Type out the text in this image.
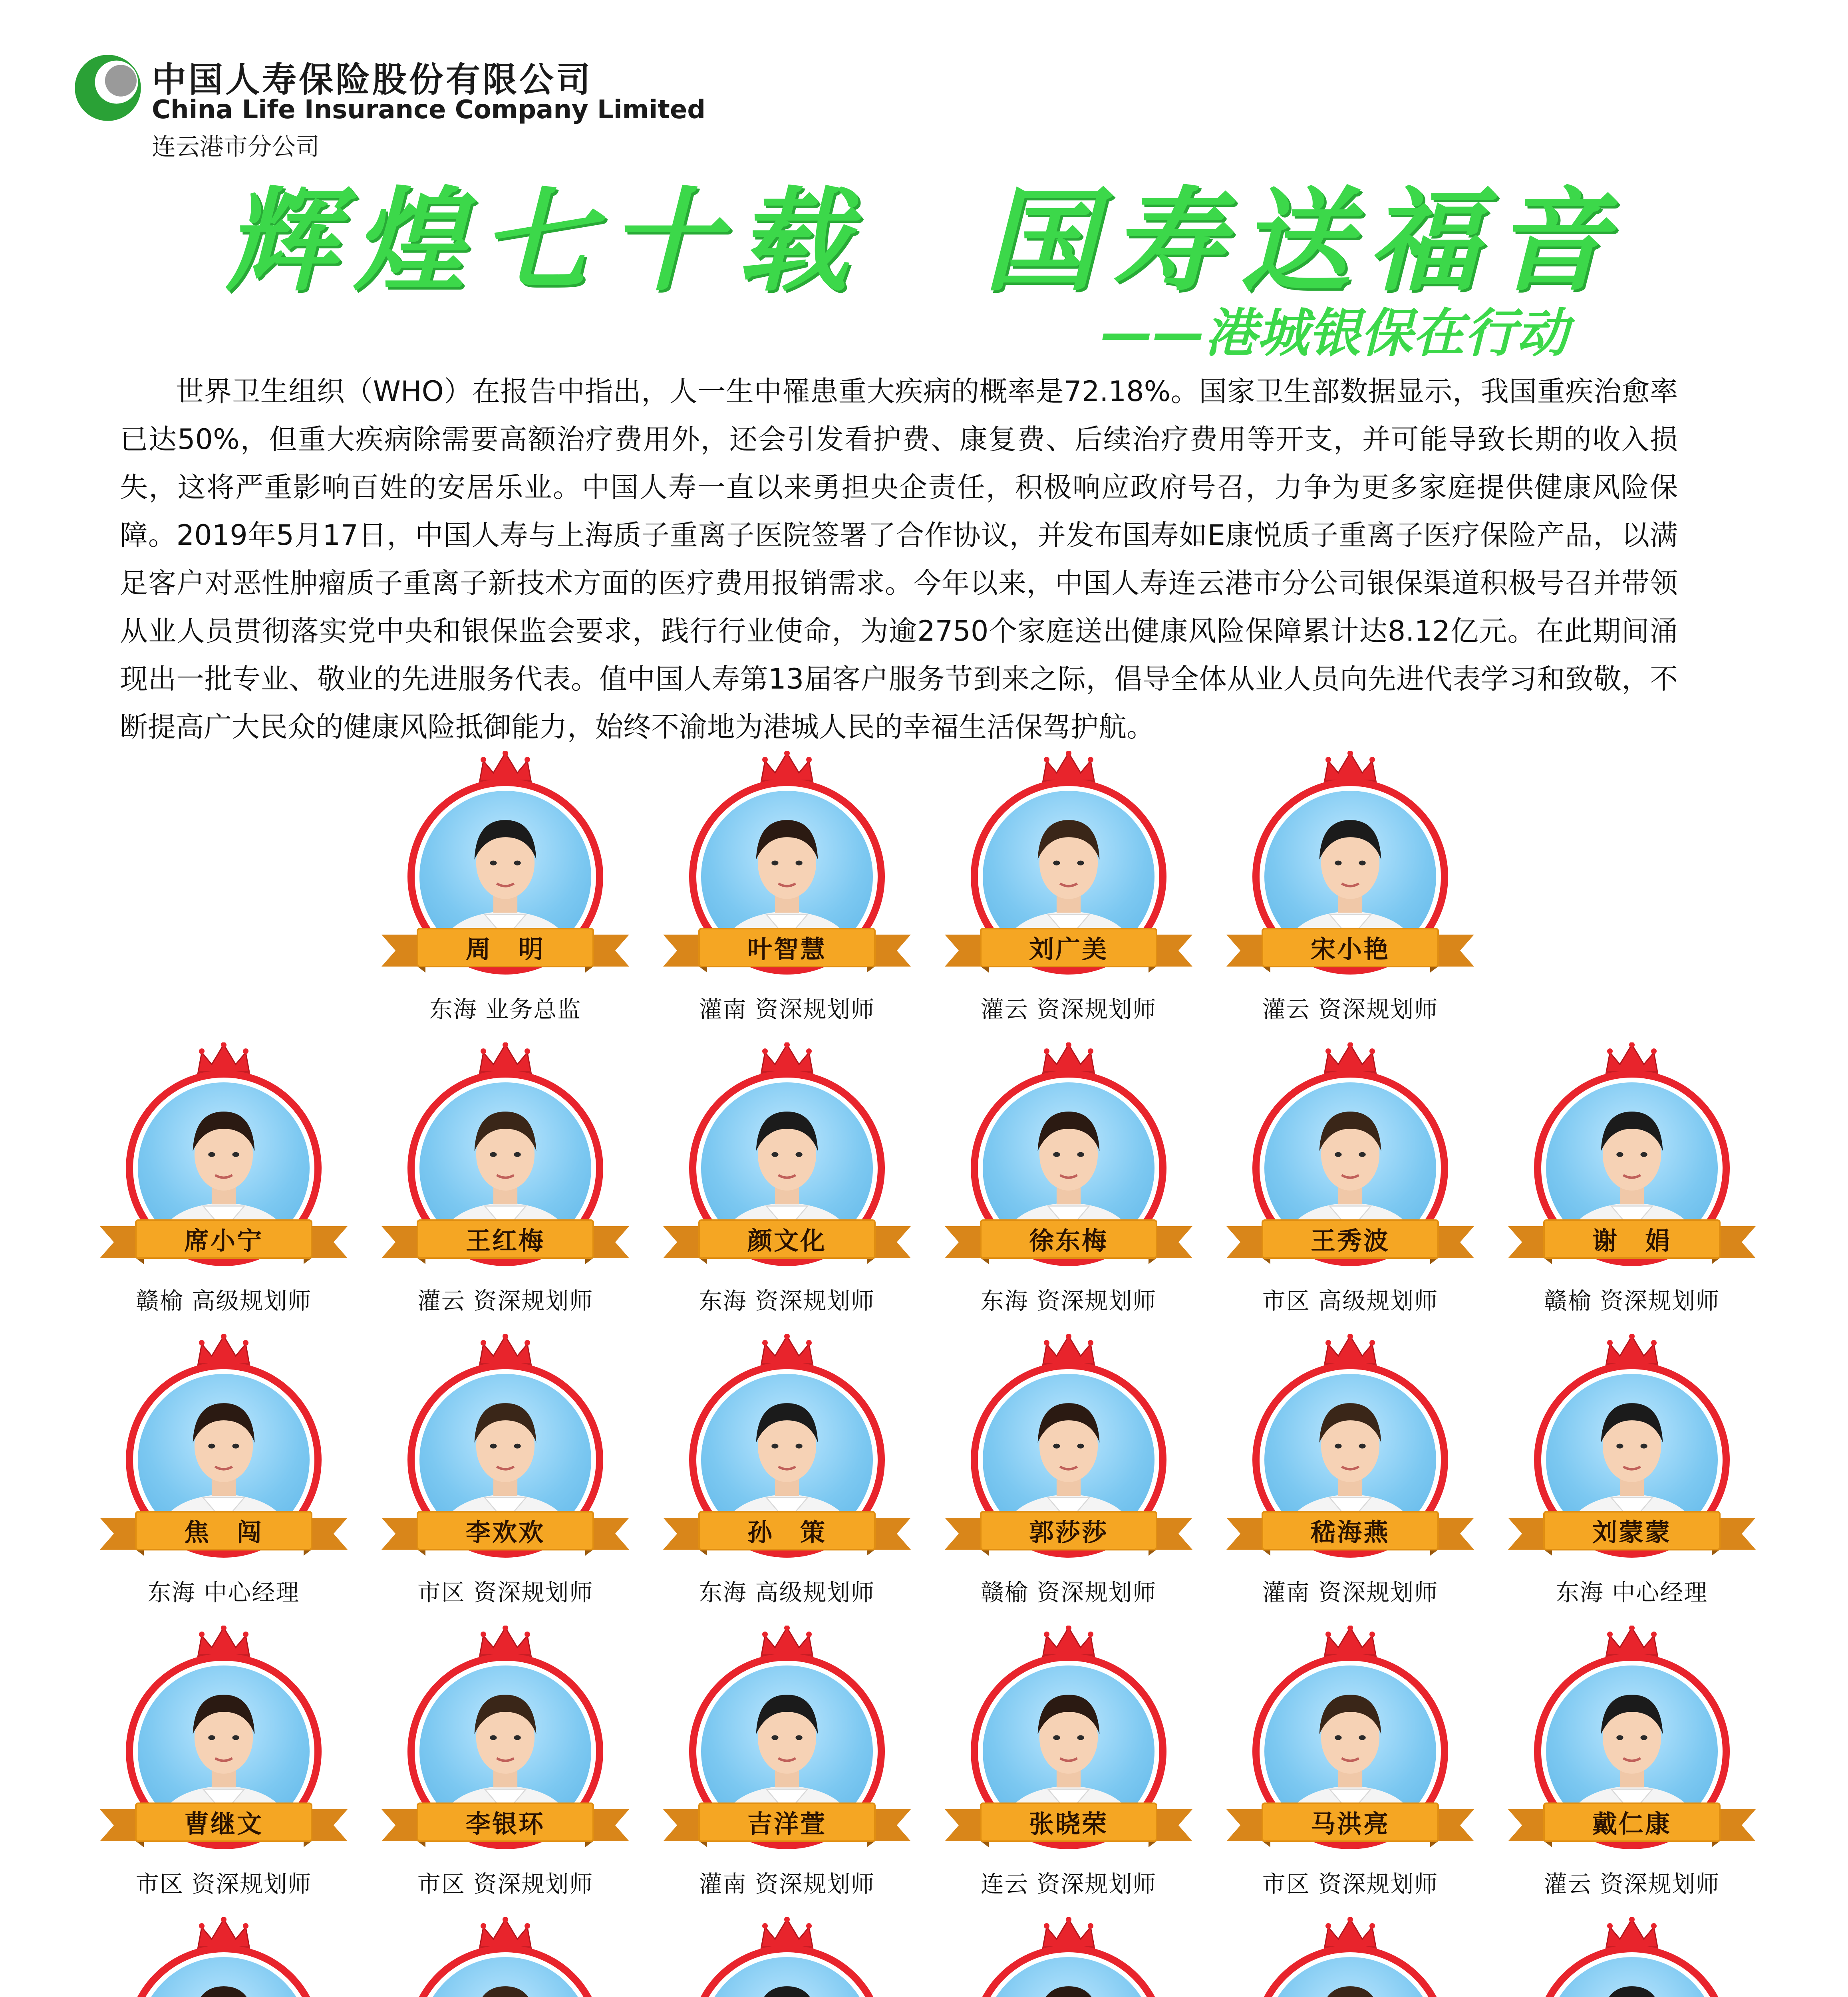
中国人寿保险股份有限公司
China Life Insurance Company Limited
连云港市分公司
辉煌七十载 国寿送福音
——港城银保在行动
世界卫生组织（WHO）在报告中指出，人一生中罹患重大疾病的概率是72.18%。国家卫生部数据显示，我国重疾治愈率已达50%，但重大疾病除需要高额治疗费用外，还会引发看护费、康复费、后续治疗费用等开支，并可能导致长期的收入损失，这将严重影响百姓的安居乐业。中国人寿一直以来勇担央企责任，积极响应政府号召，力争为更多家庭提供健康风险保障。2019年5月17日，中国人寿与上海质子重离子医院签署了合作协议，并发布国寿如E康悦质子重离子医疗保险产品，以满足客户对恶性肿瘤质子重离子新技术方面的医疗费用报销需求。今年以来，中国人寿连云港市分公司银保渠道积极号召并带领从业人员贯彻落实党中央和银保监会要求，践行行业使命，为逾2750个家庭送出健康风险保障累计达8.12亿元。在此期间涌现出一批专业、敬业的先进服务代表。值中国人寿第13届客户服务节到来之际，倡导全体从业人员向先进代表学习和致敬，不断提高广大民众的健康风险抵御能力，始终不渝地为港城人民的幸福生活保驾护航。
周　明
东海 业务总监
叶智慧
灌南 资深规划师
刘广美
灌云 资深规划师
宋小艳
灌云 资深规划师
席小宁
赣榆 高级规划师
王红梅
灌云 资深规划师
颜文化
东海 资深规划师
徐东梅
东海 资深规划师
王秀波
市区 高级规划师
谢　娟
赣榆 资深规划师
焦　闯
东海 中心经理
李欢欢
市区 资深规划师
孙　策
东海 高级规划师
郭莎莎
赣榆 资深规划师
嵇海燕
灌南 资深规划师
刘蒙蒙
东海 中心经理
曹继文
市区 资深规划师
李银环
市区 资深规划师
吉洋萱
灌南 资深规划师
张晓荣
连云 资深规划师
马洪亮
市区 资深规划师
戴仁康
灌云 资深规划师
